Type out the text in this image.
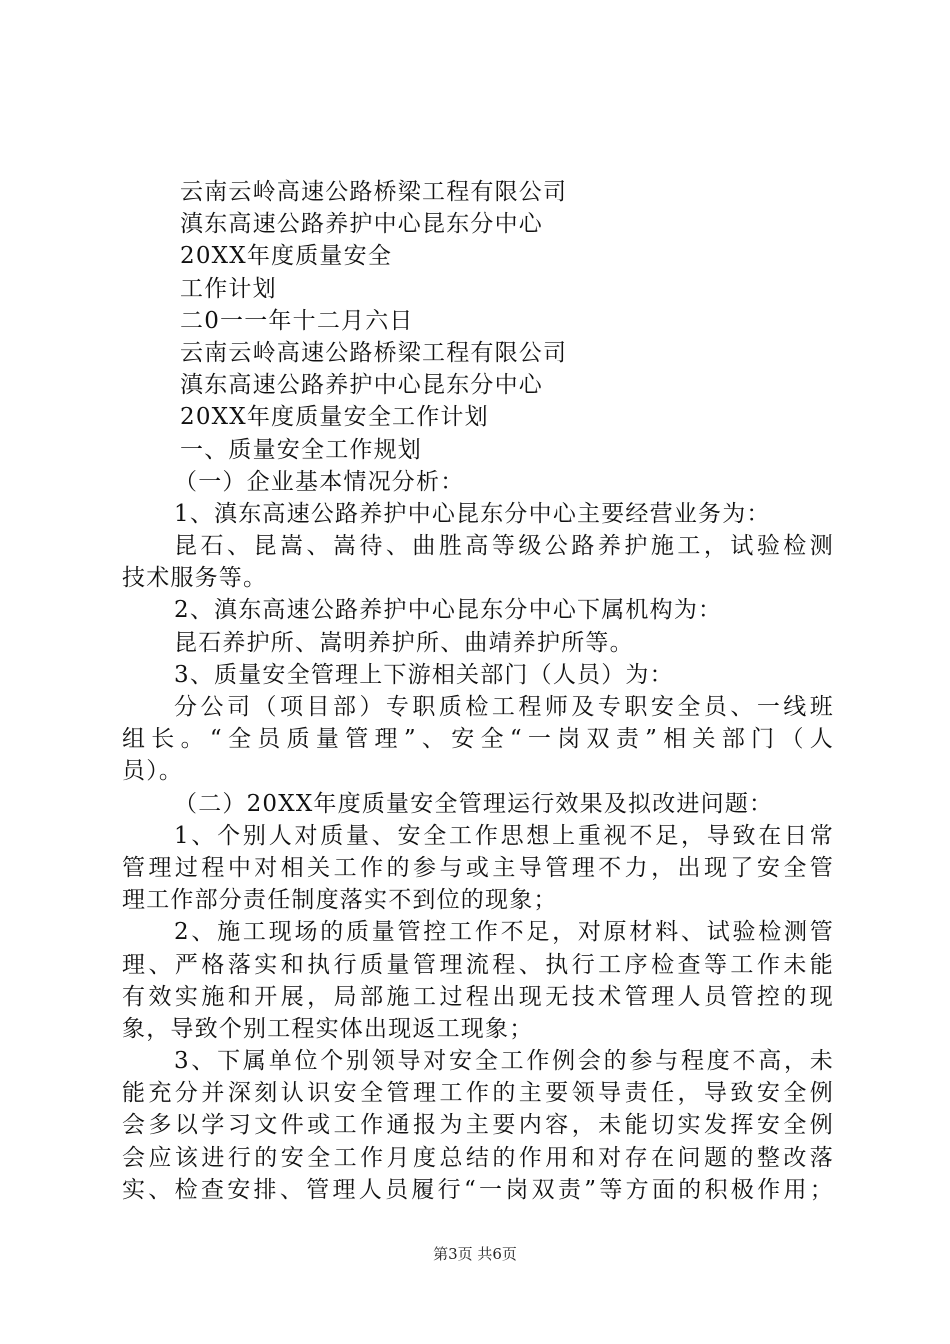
云南云岭高速公路桥梁工程有限公司
滇东高速公路养护中心昆东分中心
20XX年度质量安全
工作计划
二0一一年十二月六日
云南云岭高速公路桥梁工程有限公司
滇东高速公路养护中心昆东分中心
20XX年度质量安全工作计划
一、质量安全工作规划
（一）企业基本情况分析：
1、滇东高速公路养护中心昆东分中心主要经营业务为：
昆石、昆嵩、嵩待、曲胜高等级公路养护施工，试验检测
技术服务等。
2、滇东高速公路养护中心昆东分中心下属机构为：
昆石养护所、嵩明养护所、曲靖养护所等。
3、质量安全管理上下游相关部门（人员）为：
分公司（项目部）专职质检工程师及专职安全员、一线班
组长。“全员质量管理”、安全“一岗双责”相关部门（人
员）。
（二）20XX年度质量安全管理运行效果及拟改进问题：
1、个别人对质量、安全工作思想上重视不足，导致在日常
管理过程中对相关工作的参与或主导管理不力，出现了安全管
理工作部分责任制度落实不到位的现象；
2、施工现场的质量管控工作不足，对原材料、试验检测管
理、严格落实和执行质量管理流程、执行工序检查等工作未能
有效实施和开展，局部施工过程出现无技术管理人员管控的现
象，导致个别工程实体出现返工现象；
3、下属单位个别领导对安全工作例会的参与程度不高，未
能充分并深刻认识安全管理工作的主要领导责任，导致安全例
会多以学习文件或工作通报为主要内容，未能切实发挥安全例
会应该进行的安全工作月度总结的作用和对存在问题的整改落
实、检查安排、管理人员履行“一岗双责”等方面的积极作用；
第3页 共6页
